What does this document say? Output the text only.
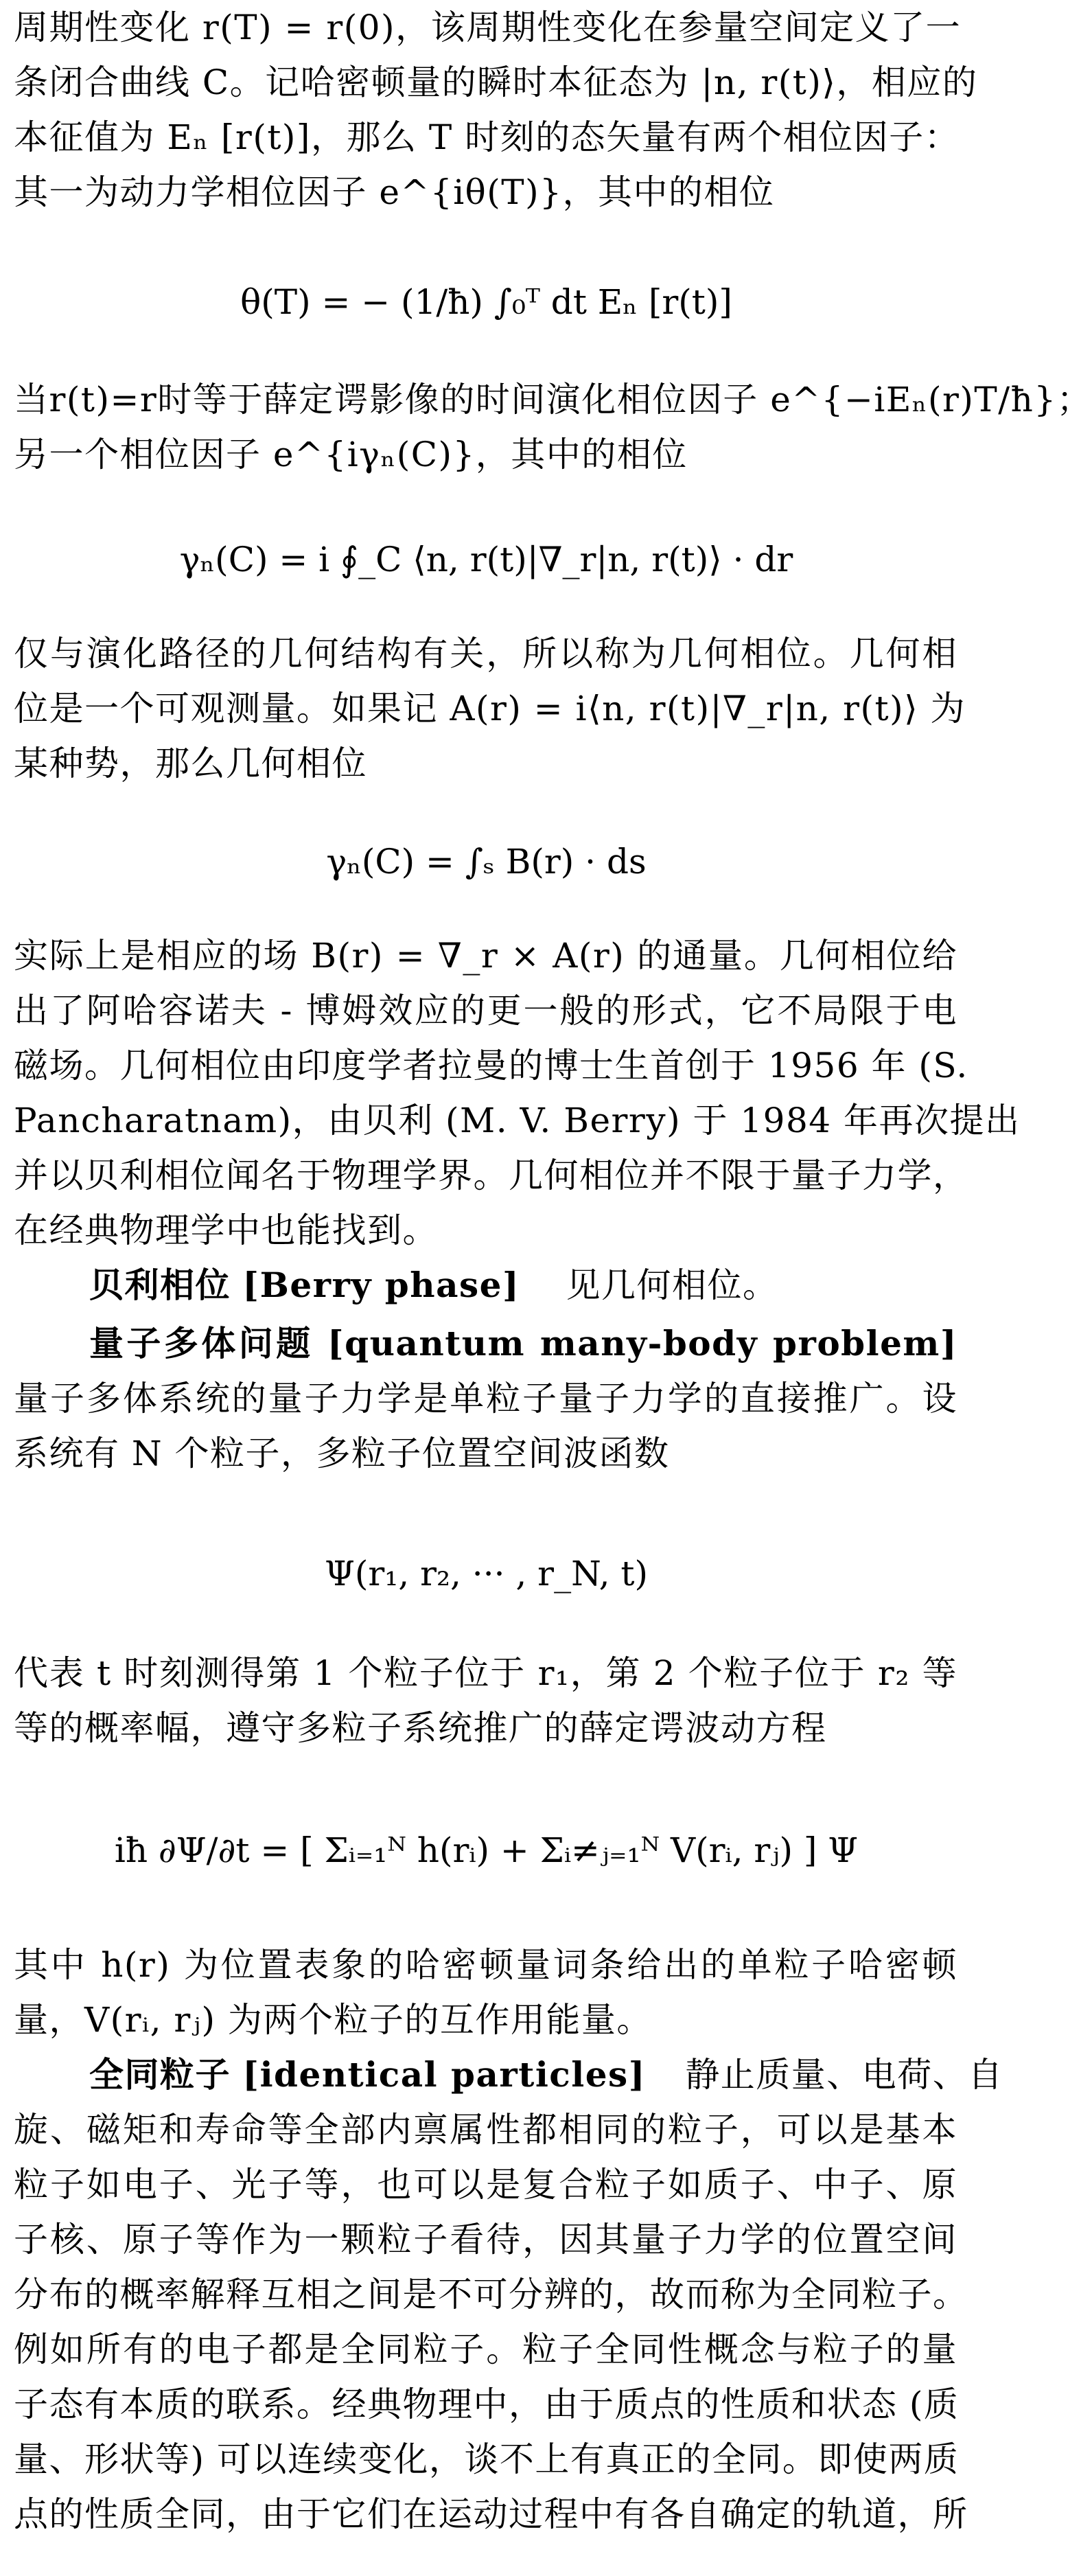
周期性变化 r(T) = r(0)，该周期性变化在参量空间定义了一
条闭合曲线 C。记哈密顿量的瞬时本征态为 |n, r(t)⟩，相应的
本征值为 Eₙ [r(t)]，那么 T 时刻的态矢量有两个相位因子：
其一为动力学相位因子 e^{iθ(T)}，其中的相位
θ(T) = − (1/ħ) ∫₀ᵀ dt Eₙ [r(t)]
当r(t)=r时等于薛定谔影像的时间演化相位因子 e^{−iEₙ(r)T/ħ}；
另一个相位因子 e^{iγₙ(C)}，其中的相位
γₙ(C) = i ∮_C ⟨n, r(t)|∇_r|n, r(t)⟩ · dr
仅与演化路径的几何结构有关，所以称为几何相位。几何相
位是一个可观测量。如果记 A(r) = i⟨n, r(t)|∇_r|n, r(t)⟩ 为
某种势，那么几何相位
γₙ(C) = ∫ₛ B(r) · ds
实际上是相应的场 B(r) = ∇_r × A(r) 的通量。几何相位给
出了阿哈容诺夫 - 博姆效应的更一般的形式，它不局限于电
磁场。几何相位由印度学者拉曼的博士生首创于 1956 年 (S.
Pancharatnam)，由贝利 (M. V. Berry) 于 1984 年再次提出
并以贝利相位闻名于物理学界。几何相位并不限于量子力学，
在经典物理学中也能找到。
贝利相位 [Berry phase] 见几何相位。
量子多体问题 [quantum many-body problem]
量子多体系统的量子力学是单粒子量子力学的直接推广。设
系统有 N 个粒子，多粒子位置空间波函数
Ψ(r₁, r₂, ··· , r_N, t)
代表 t 时刻测得第 1 个粒子位于 r₁，第 2 个粒子位于 r₂ 等
等的概率幅，遵守多粒子系统推广的薛定谔波动方程
iħ ∂Ψ/∂t = [ Σᵢ₌₁ᴺ h(rᵢ) + Σᵢ≠ⱼ₌₁ᴺ V(rᵢ, rⱼ) ] Ψ
其中 h(r) 为位置表象的哈密顿量词条给出的单粒子哈密顿
量，V(rᵢ, rⱼ) 为两个粒子的互作用能量。
全同粒子 [identical particles] 静止质量、电荷、自
旋、磁矩和寿命等全部内禀属性都相同的粒子，可以是基本
粒子如电子、光子等，也可以是复合粒子如质子、中子、原
子核、原子等作为一颗粒子看待，因其量子力学的位置空间
分布的概率解释互相之间是不可分辨的，故而称为全同粒子。
例如所有的电子都是全同粒子。粒子全同性概念与粒子的量
子态有本质的联系。经典物理中，由于质点的性质和状态 (质
量、形状等) 可以连续变化，谈不上有真正的全同。即使两质
点的性质全同，由于它们在运动过程中有各自确定的轨道，所
